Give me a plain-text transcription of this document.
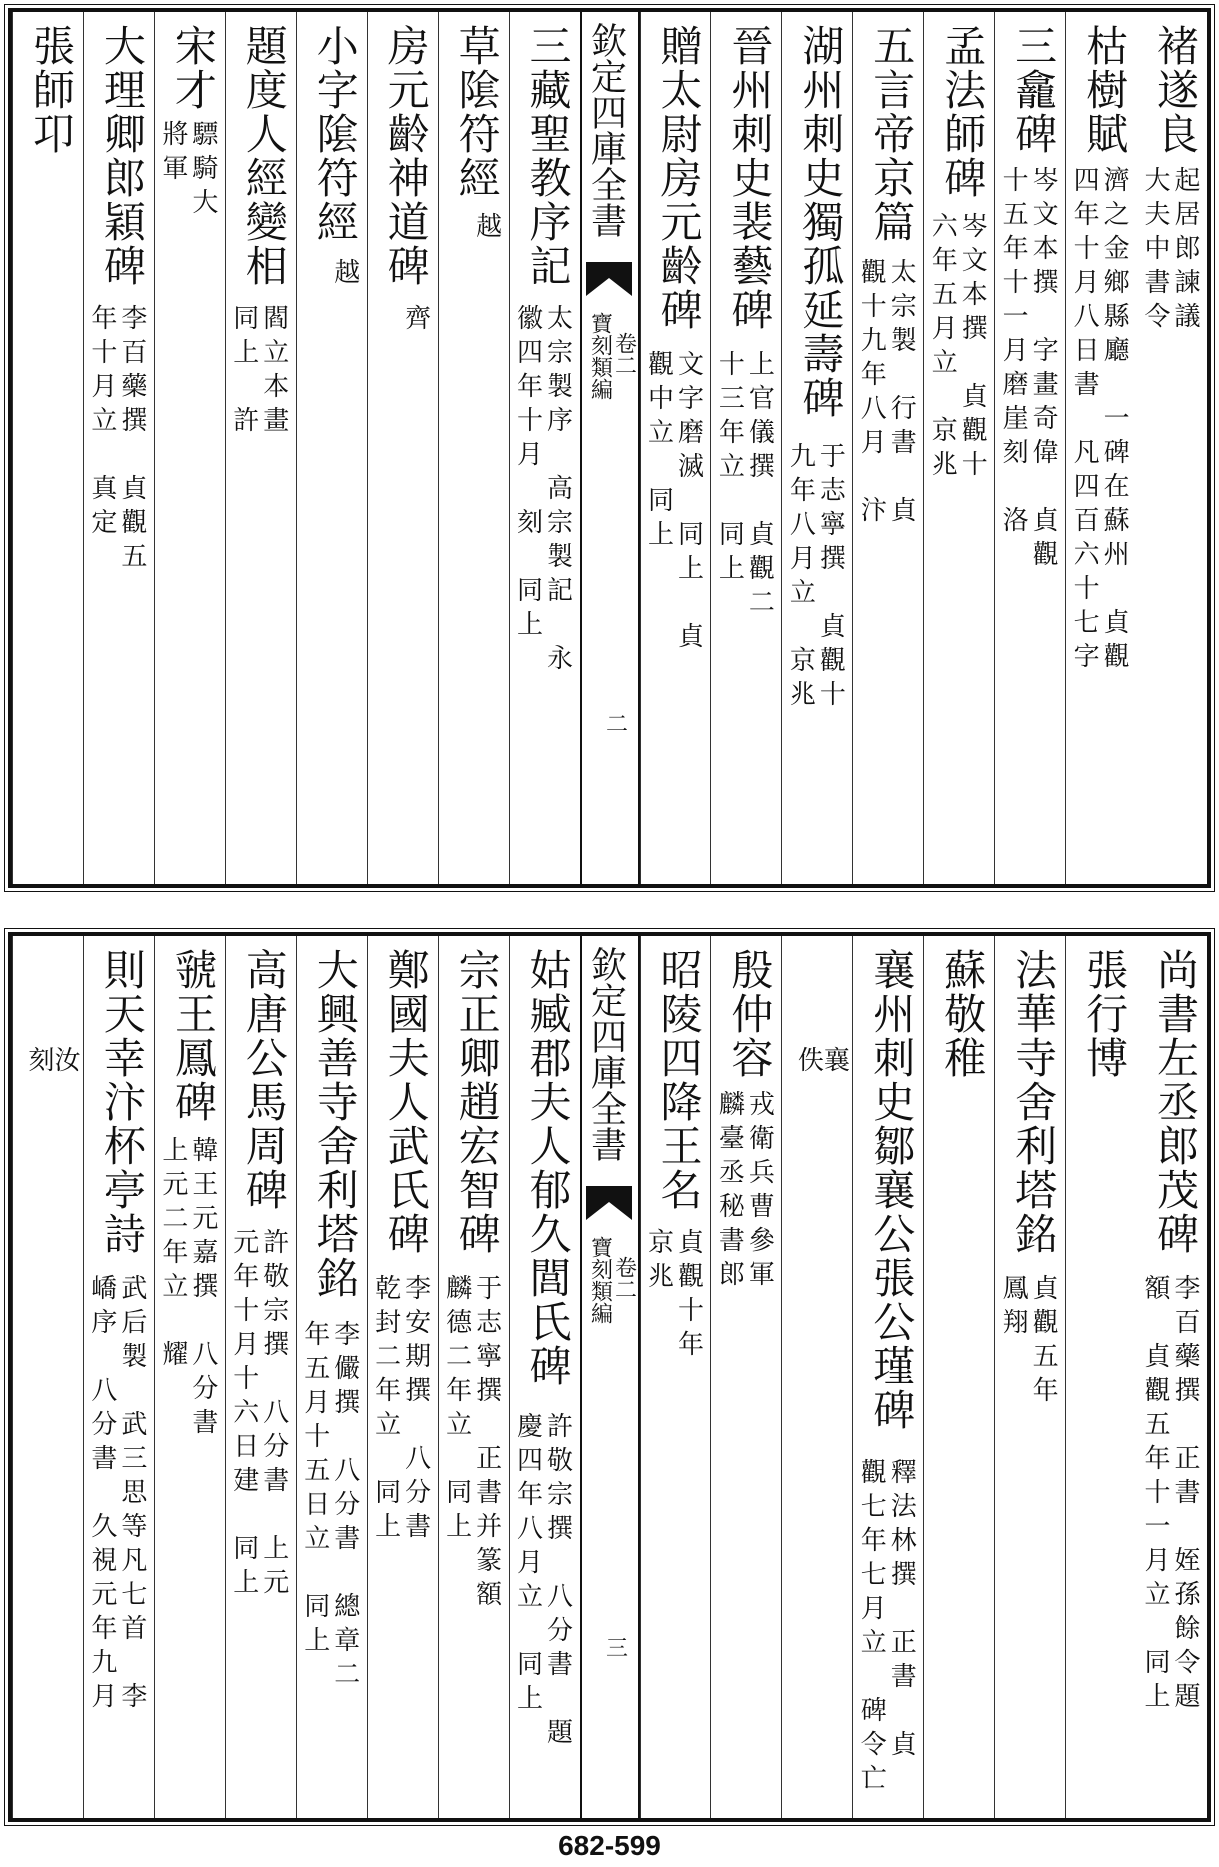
褚遂良
起居郎諫議
大夫中書令
枯樹賦
濟之金鄉縣廳　一碑在蘇州　貞觀
四年十月八日書　凡四百六十七字
三龕碑
岑文本撰　字畫奇偉　貞觀
十五年十一月磨崖刻　洛
孟法師碑
岑文本撰　貞觀十
六年五月立　京兆
五言帝京篇
太宗製　行書　貞
觀十九年八月　汴
湖州刺史獨孤延壽碑
于志寧撰　貞觀十
九年八月立　京兆
晉州刺史裴藝碑
上官儀撰　貞觀二
十三年立　同上
贈太尉房元齡碑
文字磨滅　同上　貞
觀中立　同上
欽定四庫全書
寶刻類編 卷二
二
三藏聖教序記
太宗製序　高宗製記　永
徽四年十月　刻　同上
草隂符經
越
房元齡神道碑
齊
小字隂符經
越
題度人經變相
閻立本畫
同上　許
宋才
驃騎大
將軍
大理卿郎穎碑
李百藥撰　貞觀五
年十月立　真定
張師卭
尚書左丞郎茂碑
李百藥撰　正書　姪孫餘令題
額　貞觀五年十一月立　同上
張行博
法華寺舍利塔銘
貞觀五年
鳳翔
蘇敬稚
襄州刺史鄒襄公張公瑾碑
釋法林撰　正書　貞
觀七年七月立　碑令亡
佚
襄
殷仲容
戎衛兵曹參軍
麟臺丞秘書郎
昭陵四降王名
貞觀十年
京兆
欽定四庫全書
寶刻類編 卷二
三
姑臧郡夫人郁久閭氏碑
許敬宗撰　八分書　題
慶四年八月立　同上
宗正卿趙宏智碑
于志寧撰　正書并篆額
麟德二年立　同上
鄭國夫人武氏碑
李安期撰　八分書
乾封二年立　同上
大興善寺舍利塔銘
李儼撰　八分書　總章二
年五月十五日立　同上
高唐公馬周碑
許敬宗撰　八分書　上元
元年十月十六日建　同上
虢王鳳碑
韓王元嘉撰　八分書
上元二年立　耀
則天幸汴杯亭詩
武后製　武三思等凡七首　李
嶠序　八分書　久視元年九月
刻
汝
682-599
